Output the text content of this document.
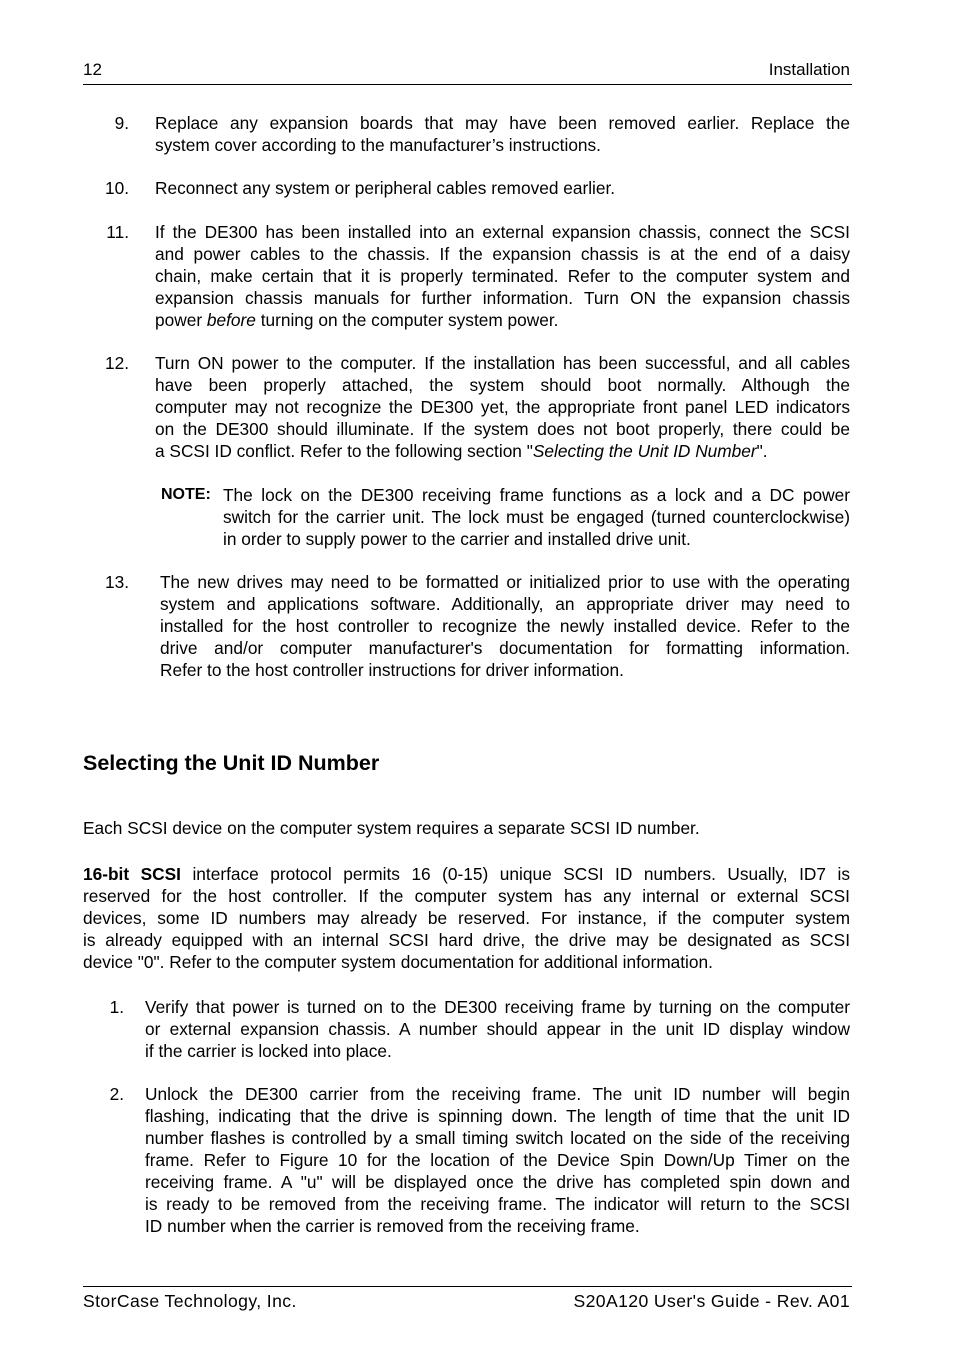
12	Installation
9. Replace any expansion boards that may have been removed earlier. Replace the
system cover according to the manufacturer’s instructions.
10. Reconnect any system or peripheral cables removed earlier.
11. If the DE300 has been installed into an external expansion chassis, connect the SCSI
and power cables to the chassis. If the expansion chassis is at the end of a daisy
chain, make certain that it is properly terminated. Refer to the computer system and
expansion chassis manuals for further information. Turn ON the expansion chassis
power before turning on the computer system power.
12. Turn ON power to the computer. If the installation has been successful, and all cables
have been properly attached, the system should boot normally. Although the
computer may not recognize the DE300 yet, the appropriate front panel LED indicators
on the DE300 should illuminate. If the system does not boot properly, there could be
a SCSI ID conflict. Refer to the following section "Selecting the Unit ID Number".
NOTE: The lock on the DE300 receiving frame functions as a lock and a DC power
switch for the carrier unit. The lock must be engaged (turned counterclockwise)
in order to supply power to the carrier and installed drive unit.
13. The new drives may need to be formatted or initialized prior to use with the operating
system and applications software. Additionally, an appropriate driver may need to
installed for the host controller to recognize the newly installed device. Refer to the
drive and/or computer manufacturer's documentation for formatting information.
Refer to the host controller instructions for driver information.
Selecting the Unit ID Number
Each SCSI device on the computer system requires a separate SCSI ID number.
16-bit SCSI interface protocol permits 16 (0-15) unique SCSI ID numbers. Usually, ID7 is
reserved for the host controller. If the computer system has any internal or external SCSI
devices, some ID numbers may already be reserved. For instance, if the computer system
is already equipped with an internal SCSI hard drive, the drive may be designated as SCSI
device "0". Refer to the computer system documentation for additional information.
1. Verify that power is turned on to the DE300 receiving frame by turning on the computer
or external expansion chassis. A number should appear in the unit ID display window
if the carrier is locked into place.
2. Unlock the DE300 carrier from the receiving frame. The unit ID number will begin
flashing, indicating that the drive is spinning down. The length of time that the unit ID
number flashes is controlled by a small timing switch located on the side of the receiving
frame. Refer to Figure 10 for the location of the Device Spin Down/Up Timer on the
receiving frame. A "u" will be displayed once the drive has completed spin down and
is ready to be removed from the receiving frame. The indicator will return to the SCSI
ID number when the carrier is removed from the receiving frame.
StorCase Technology, Inc.	S20A120 User's Guide - Rev. A01
